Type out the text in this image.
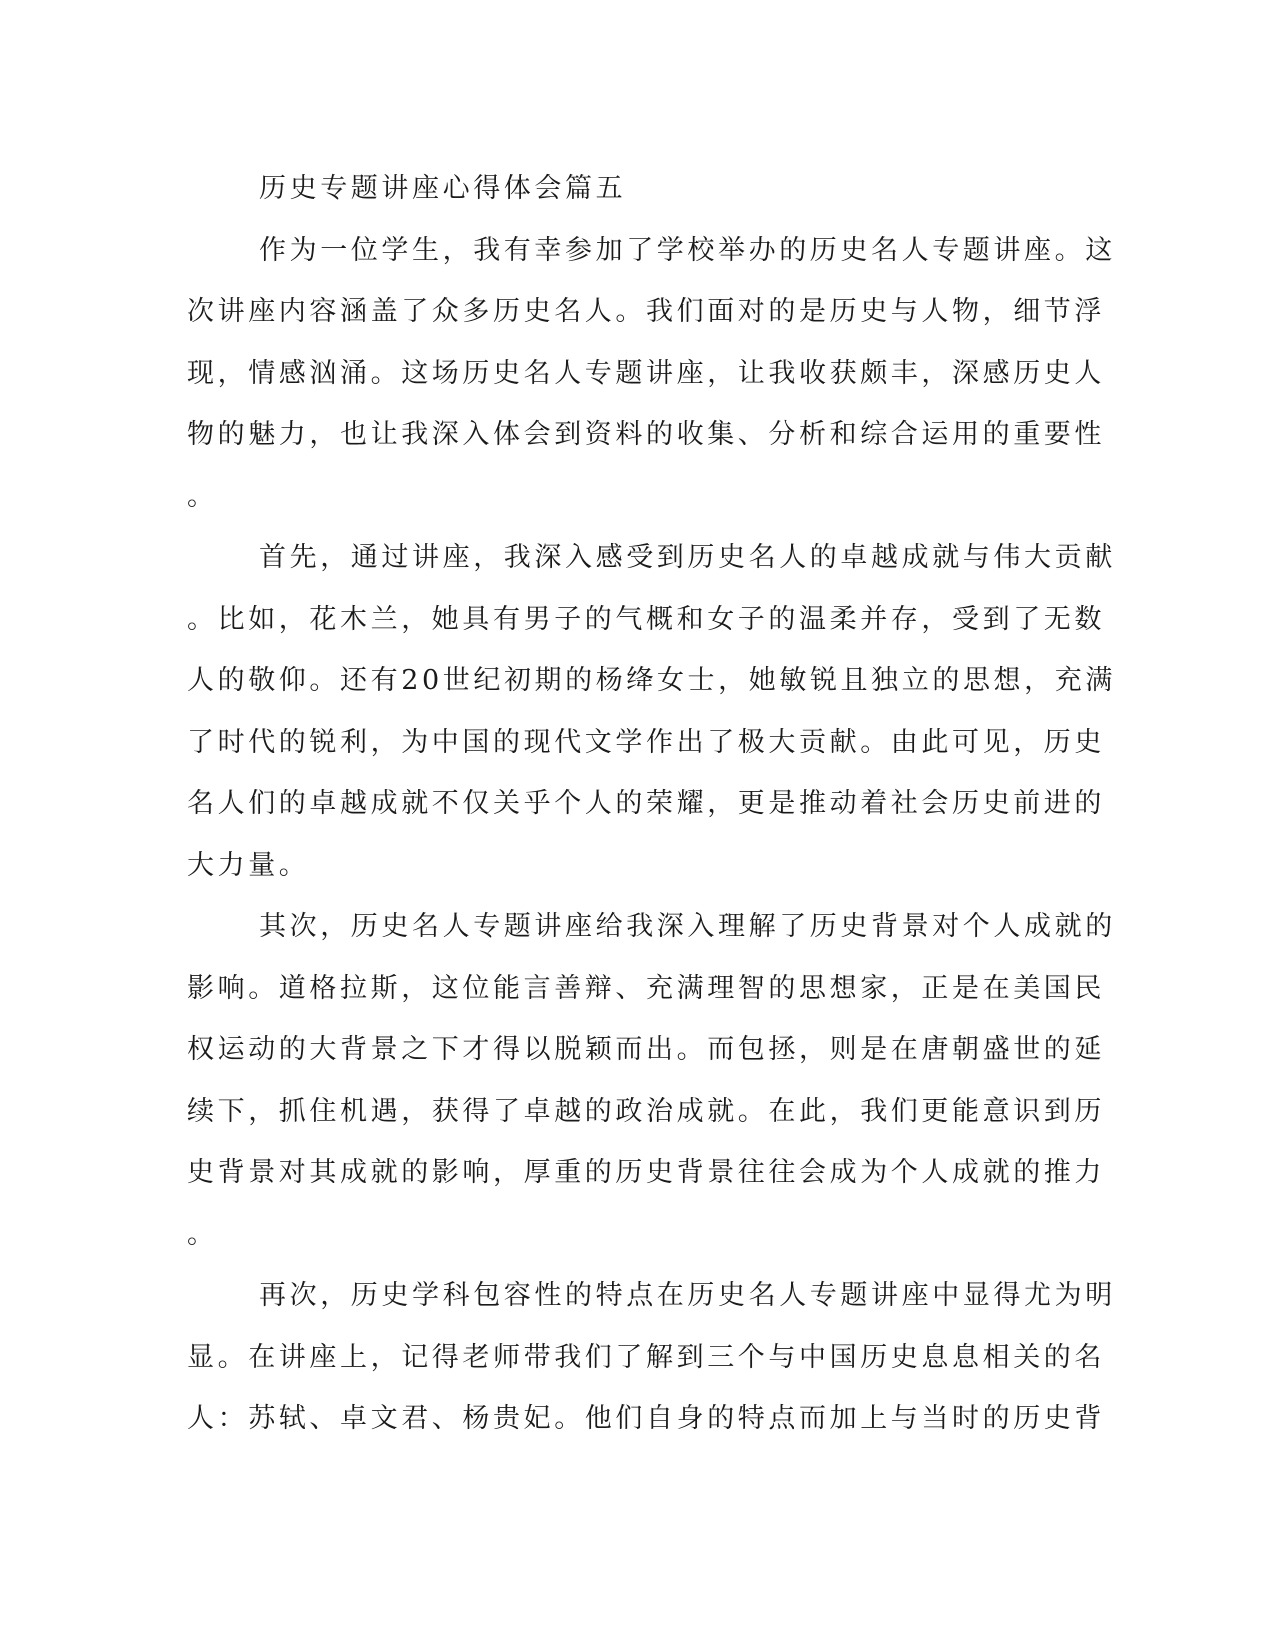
历史专题讲座心得体会篇五
作为一位学生，我有幸参加了学校举办的历史名人专题讲座。这
次讲座内容涵盖了众多历史名人。我们面对的是历史与人物，细节浮
现，情感汹涌。这场历史名人专题讲座，让我收获颇丰，深感历史人
物的魅力，也让我深入体会到资料的收集、分析和综合运用的重要性
。
首先，通过讲座，我深入感受到历史名人的卓越成就与伟大贡献
。比如，花木兰，她具有男子的气概和女子的温柔并存，受到了无数
人的敬仰。还有20世纪初期的杨绛女士，她敏锐且独立的思想，充满
了时代的锐利，为中国的现代文学作出了极大贡献。由此可见，历史
名人们的卓越成就不仅关乎个人的荣耀，更是推动着社会历史前进的
大力量。
其次，历史名人专题讲座给我深入理解了历史背景对个人成就的
影响。道格拉斯，这位能言善辩、充满理智的思想家，正是在美国民
权运动的大背景之下才得以脱颖而出。而包拯，则是在唐朝盛世的延
续下，抓住机遇，获得了卓越的政治成就。在此，我们更能意识到历
史背景对其成就的影响，厚重的历史背景往往会成为个人成就的推力
。
再次，历史学科包容性的特点在历史名人专题讲座中显得尤为明
显。在讲座上，记得老师带我们了解到三个与中国历史息息相关的名
人：苏轼、卓文君、杨贵妃。他们自身的特点而加上与当时的历史背
